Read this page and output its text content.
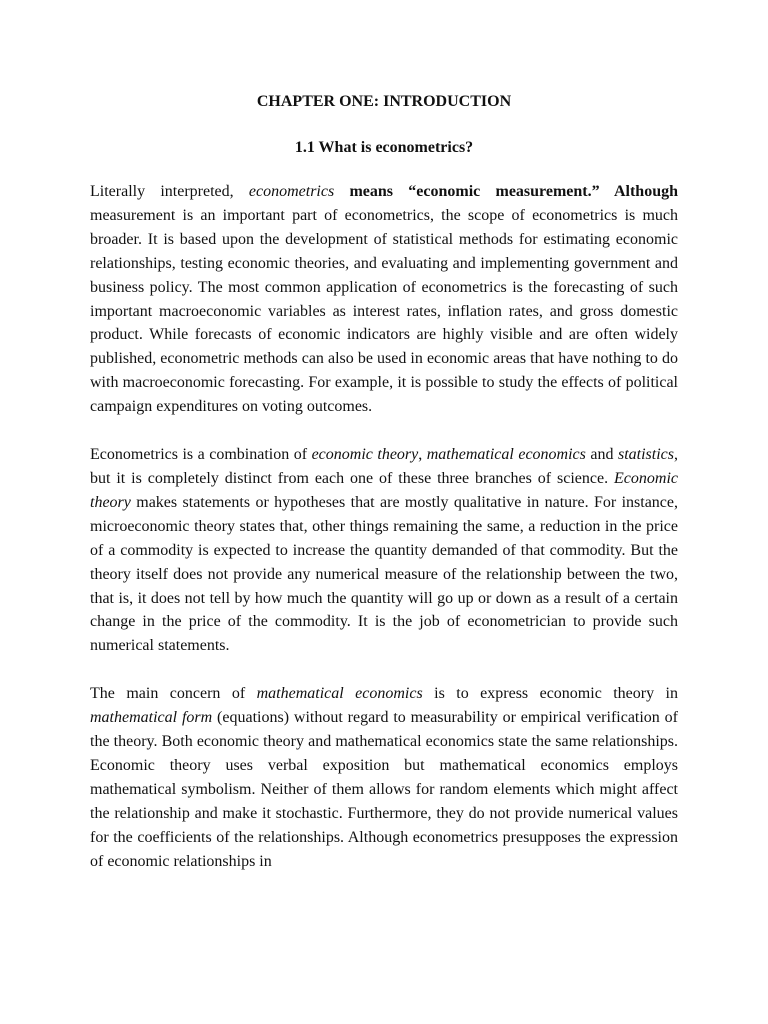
CHAPTER ONE: INTRODUCTION
1.1 What is econometrics?

Literally interpreted, econometrics means “economic measurement.” Although measurement is an important part of econometrics, the scope of econometrics is much broader. It is based upon the development of statistical methods for estimating economic relationships, testing economic theories, and evaluating and implementing government and business policy. The most common application of econometrics is the forecasting of such important macroeconomic variables as interest rates, inflation rates, and gross domestic product. While forecasts of economic indicators are highly visible and are often widely published, econometric methods can also be used in economic areas that have nothing to do with macroeconomic forecasting. For example, it is possible to study the effects of political campaign expenditures on voting outcomes.

Econometrics is a combination of economic theory, mathematical economics and statistics, but it is completely distinct from each one of these three branches of science. Economic theory makes statements or hypotheses that are mostly qualitative in nature. For instance, microeconomic theory states that, other things remaining the same, a reduction in the price of a commodity is expected to increase the quantity demanded of that commodity. But the theory itself does not provide any numerical measure of the relationship between the two, that is, it does not tell by how much the quantity will go up or down as a result of a certain change in the price of the commodity. It is the job of econometrician to provide such numerical statements.

The main concern of mathematical economics is to express economic theory in mathematical form (equations) without regard to measurability or empirical verification of the theory. Both economic theory and mathematical economics state the same relationships. Economic theory uses verbal exposition but mathematical economics employs mathematical symbolism. Neither of them allows for random elements which might affect the relationship and make it stochastic. Furthermore, they do not provide numerical values for the coefficients of the relationships. Although econometrics presupposes the expression of economic relationships in
